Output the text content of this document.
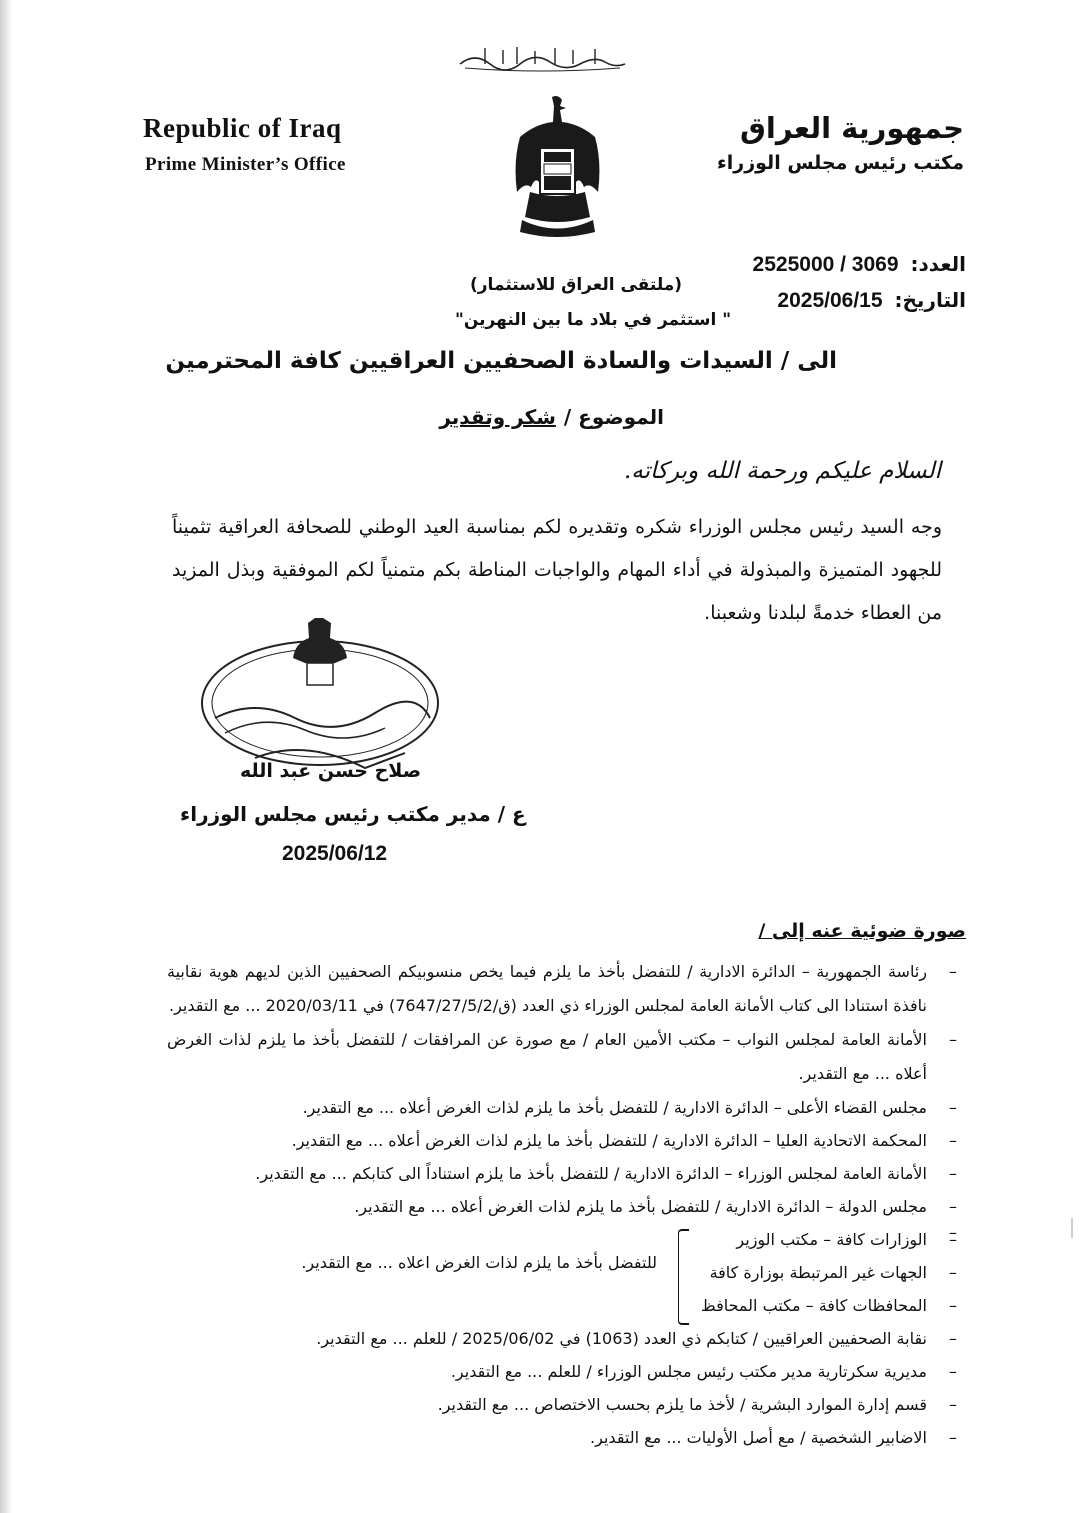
Republic of Iraq
Prime Minister’s Office
جمهورية العراق
مكتب رئيس مجلس الوزراء
العدد:
2525000 / 3069
التاريخ:
2025/06/15
(ملتقى العراق للاستثمار)
" استثمر في بلاد ما بين النهرين"
الى / السيدات والسادة الصحفيين العراقيين كافة المحترمين
الموضوع /
شكر وتقدير
السلام عليكم ورحمة الله وبركاته.
وجه السيد رئيس مجلس الوزراء شكره وتقديره لكم بمناسبة العيد الوطني للصحافة العراقية تثميناً للجهود المتميزة والمبذولة في أداء المهام والواجبات المناطة بكم متمنياً لكم الموفقية وبذل المزيد من العطاء خدمةً لبلدنا وشعبنا.
صلاح حسن عبد الله
ع / مدير مكتب رئيس مجلس الوزراء
2025/06/12
صورة ضوئية عنه إلى /
– رئاسة الجمهورية – الدائرة الادارية / للتفضل بأخذ ما يلزم فيما يخص منسوبيكم الصحفيين الذين لديهم هوية نقابية نافذة استنادا الى كتاب الأمانة العامة لمجلس الوزراء ذي العدد (ق/7647/27/5/2) في 2020/03/11 ... مع التقدير.
– الأمانة العامة لمجلس النواب – مكتب الأمين العام / مع صورة عن المرافقات / للتفضل بأخذ ما يلزم لذات الغرض أعلاه ... مع التقدير.
– مجلس القضاء الأعلى – الدائرة الادارية / للتفضل بأخذ ما يلزم لذات الغرض أعلاه ... مع التقدير.
– المحكمة الاتحادية العليا – الدائرة الادارية / للتفضل بأخذ ما يلزم لذات الغرض أعلاه ... مع التقدير.
– الأمانة العامة لمجلس الوزراء – الدائرة الادارية / للتفضل بأخذ ما يلزم استناداً الى كتابكم ... مع التقدير.
– مجلس الدولة – الدائرة الادارية / للتفضل بأخذ ما يلزم لذات الغرض أعلاه ... مع التقدير.
– – الوزارات كافة – مكتب الوزير
– الجهات غير المرتبطة بوزارة كافة
– المحافظات كافة – مكتب المحافظ
للتفضل بأخذ ما يلزم لذات الغرض اعلاه ... مع التقدير.
– نقابة الصحفيين العراقيين / كتابكم ذي العدد (1063) في 2025/06/02 / للعلم ... مع التقدير.
– مديرية سكرتارية مدير مكتب رئيس مجلس الوزراء / للعلم ... مع التقدير.
– قسم إدارة الموارد البشرية / لأخذ ما يلزم بحسب الاختصاص ... مع التقدير.
– الاضابير الشخصية / مع أصل الأوليات ... مع التقدير.
